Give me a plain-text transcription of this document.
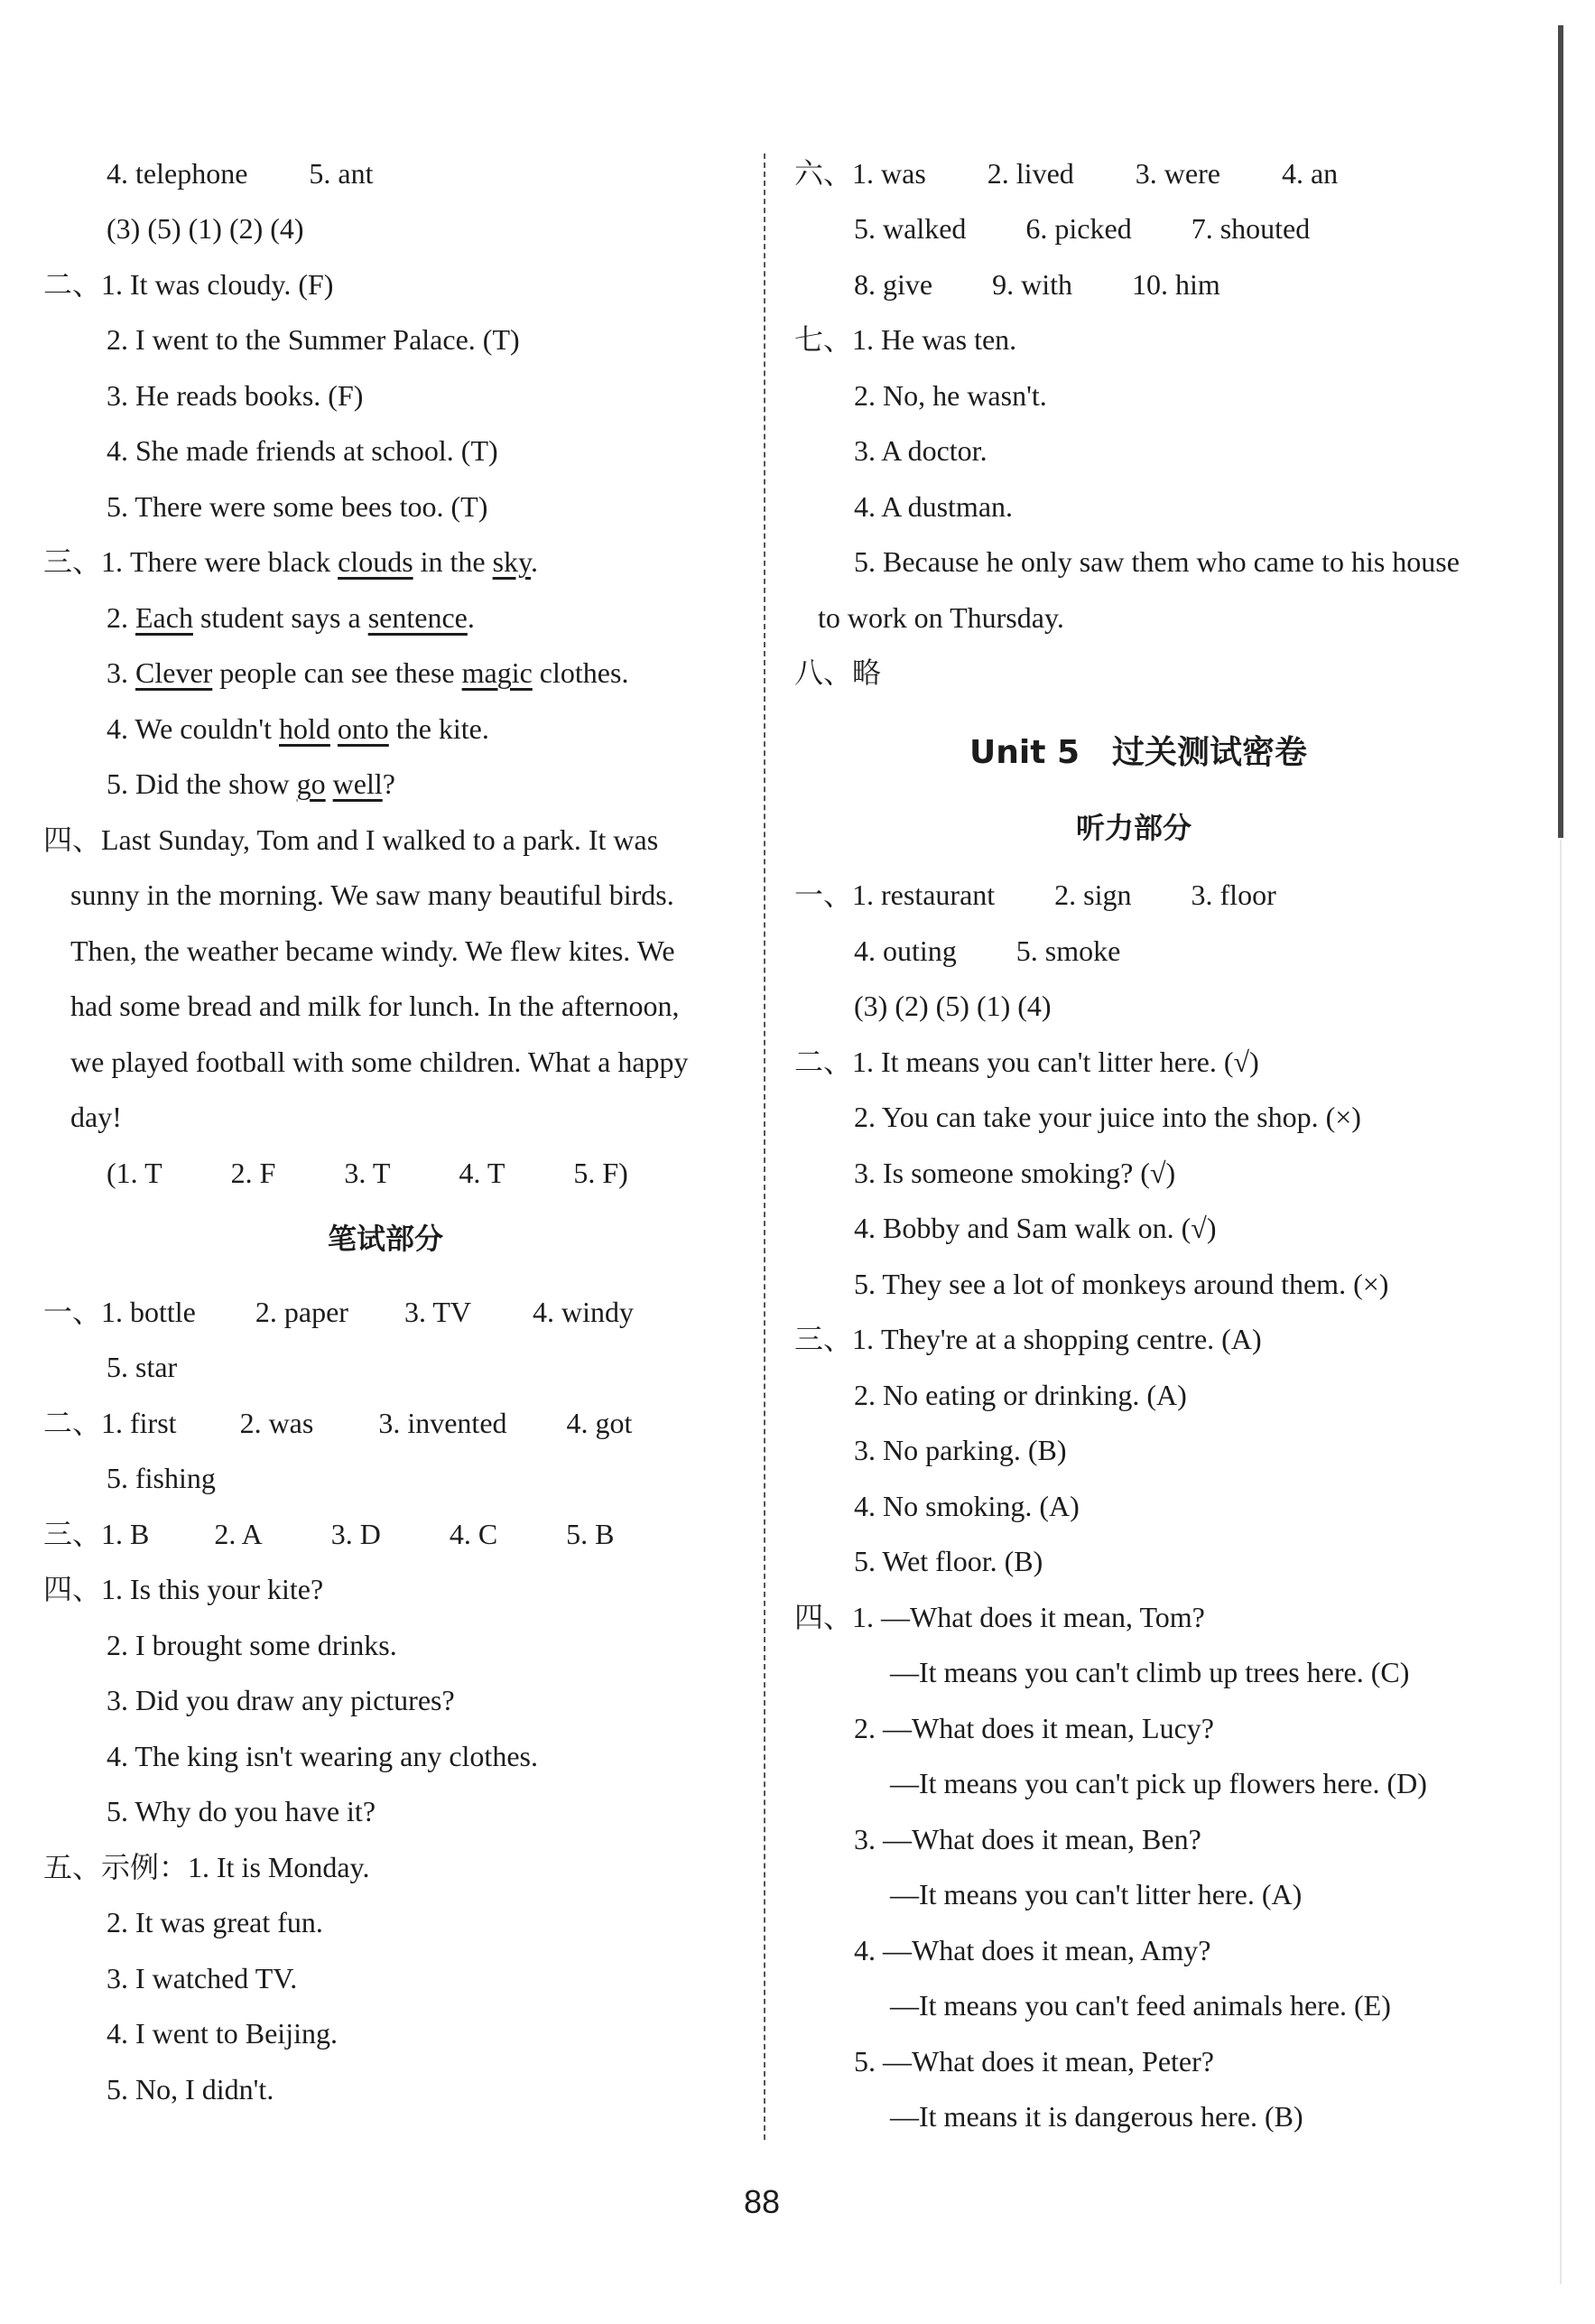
4. telephone 5. ant
(3) (5) (1) (2) (4)
二、1. It was cloudy. (F)
2. I went to the Summer Palace. (T)
3. He reads books. (F)
4. She made friends at school. (T)
5. There were some bees too. (T)
三、1. There were black clouds in the sky.
2. Each student says a sentence.
3. Clever people can see these magic clothes.
4. We couldn't hold onto the kite.
5. Did the show go well?
四、Last Sunday, Tom and I walked to a park. It was
sunny in the morning. We saw many beautiful birds.
Then, the weather became windy. We flew kites. We
had some bread and milk for lunch. In the afternoon,
we played football with some children. What a happy
day!
(1. T 2. F 3. T 4. T 5. F)
笔试部分
一、1. bottle 2. paper 3. TV 4. windy
5. star
二、1. first 2. was 3. invented 4. got
5. fishing
三、1. B 2. A 3. D 4. C 5. B
四、1. Is this your kite?
2. I brought some drinks.
3. Did you draw any pictures?
4. The king isn't wearing any clothes.
5. Why do you have it?
五、示例：1. It is Monday.
2. It was great fun.
3. I watched TV.
4. I went to Beijing.
5. No, I didn't.
六、1. was 2. lived 3. were 4. an
5. walked 6. picked 7. shouted
8. give 9. with 10. him
七、1. He was ten.
2. No, he wasn't.
3. A doctor.
4. A dustman.
5. Because he only saw them who came to his house
to work on Thursday.
八、略
Unit 5　过关测试密卷
听力部分
一、1. restaurant 2. sign 3. floor
4. outing 5. smoke
(3) (2) (5) (1) (4)
二、1. It means you can't litter here. (√)
2. You can take your juice into the shop. (×)
3. Is someone smoking? (√)
4. Bobby and Sam walk on. (√)
5. They see a lot of monkeys around them. (×)
三、1. They're at a shopping centre. (A)
2. No eating or drinking. (A)
3. No parking. (B)
4. No smoking. (A)
5. Wet floor. (B)
四、1. —What does it mean, Tom?
—It means you can't climb up trees here. (C)
2. —What does it mean, Lucy?
—It means you can't pick up flowers here. (D)
3. —What does it mean, Ben?
—It means you can't litter here. (A)
4. —What does it mean, Amy?
—It means you can't feed animals here. (E)
5. —What does it mean, Peter?
—It means it is dangerous here. (B)
88
